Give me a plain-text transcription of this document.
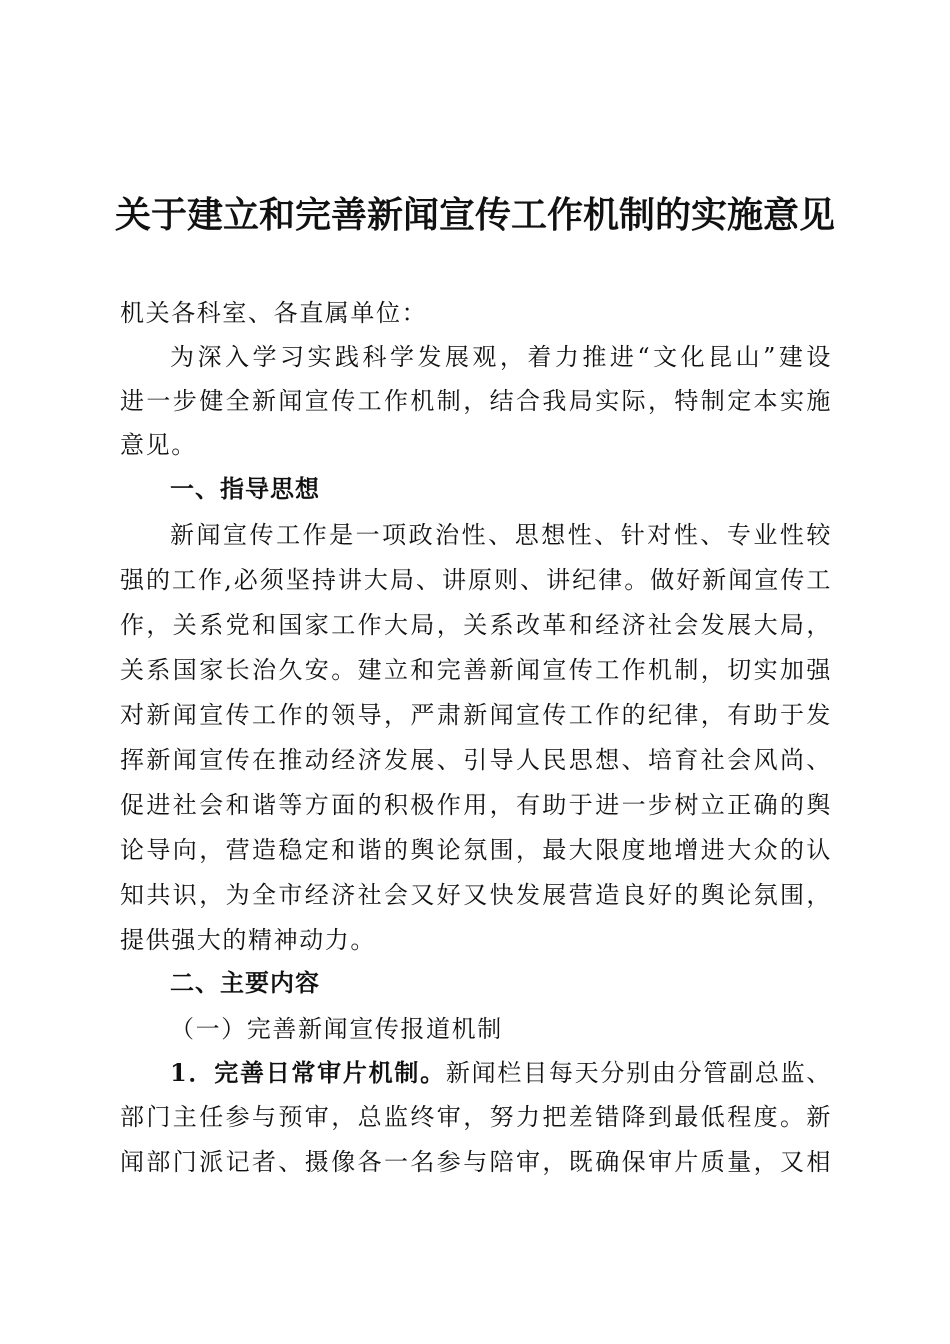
关于建立和完善新闻宣传工作机制的实施意见
机关各科室、各直属单位：
为深入学习实践科学发展观，着力推进“文化昆山”建设
进一步健全新闻宣传工作机制，结合我局实际，特制定本实施
意见。
一、指导思想
新闻宣传工作是一项政治性、思想性、针对性、专业性较
强的工作,必须坚持讲大局、讲原则、讲纪律。做好新闻宣传工
作，关系党和国家工作大局，关系改革和经济社会发展大局，
关系国家长治久安。建立和完善新闻宣传工作机制，切实加强
对新闻宣传工作的领导，严肃新闻宣传工作的纪律，有助于发
挥新闻宣传在推动经济发展、引导人民思想、培育社会风尚、
促进社会和谐等方面的积极作用，有助于进一步树立正确的舆
论导向，营造稳定和谐的舆论氛围，最大限度地增进大众的认
知共识，为全市经济社会又好又快发展营造良好的舆论氛围，
提供强大的精神动力。
二、主要内容
（一）完善新闻宣传报道机制
1．完善日常审片机制。新闻栏目每天分别由分管副总监、
部门主任参与预审，总监终审，努力把差错降到最低程度。新
闻部门派记者、摄像各一名参与陪审，既确保审片质量，又相
